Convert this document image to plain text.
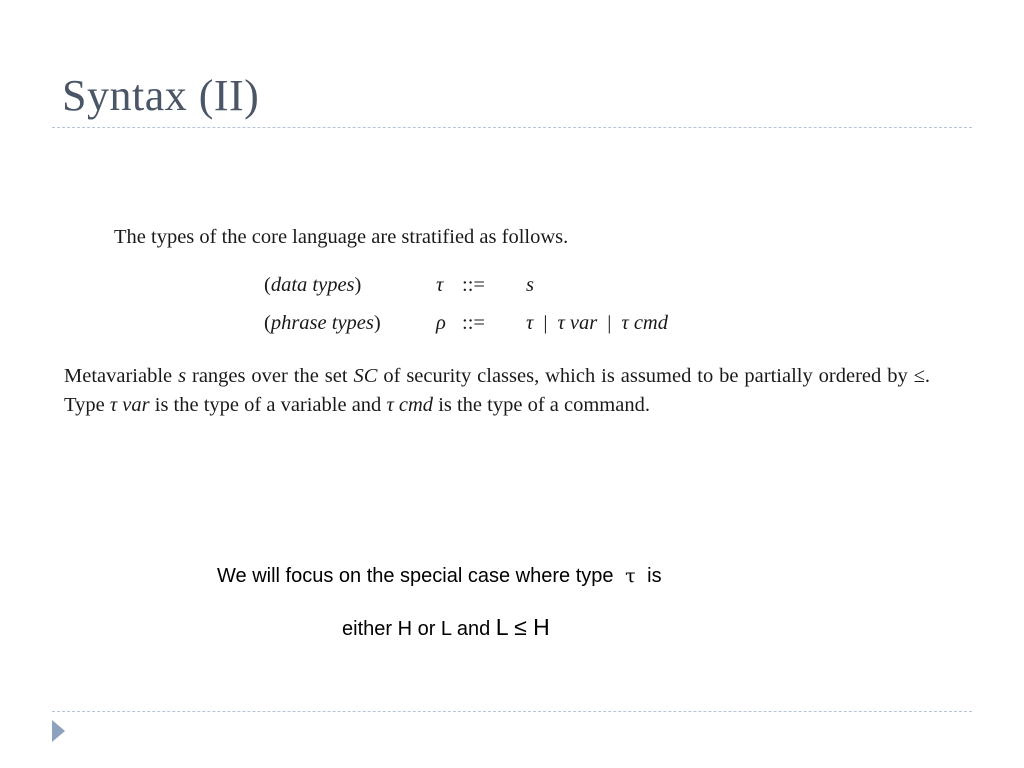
Syntax (II)
The types of the core language are stratified as follows.
(data types)	τ ::= s
(phrase types)	ρ ::= τ | τ var | τ cmd
Metavariable s ranges over the set SC of security classes, which is assumed to be partially ordered by ≤. Type τ var is the type of a variable and τ cmd is the type of a command.
We will focus on the special case where type τ is
either H or L and L ≤ H
